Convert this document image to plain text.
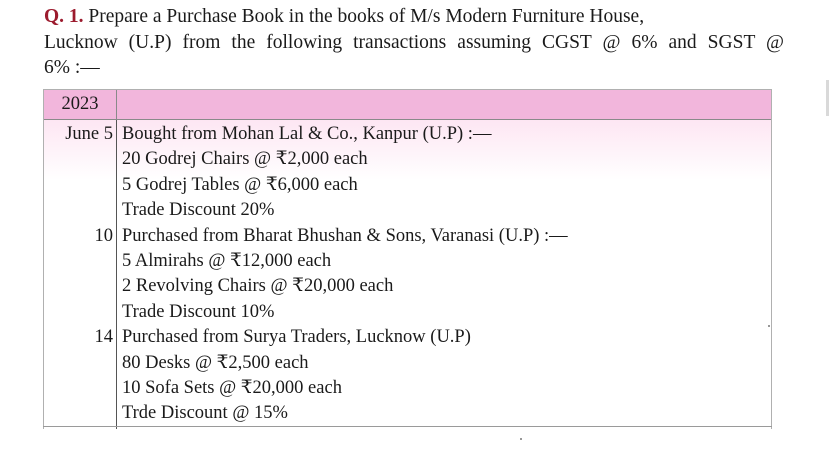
Q. 1. Prepare a Purchase Book in the books of M/s Modern Furniture House,
Lucknow (U.P) from the following transactions assuming CGST @ 6% and SGST @
6% :—
2023
June 5
10
14
Bought from Mohan Lal & Co., Kanpur (U.P) :—
20 Godrej Chairs @ ₹2,000 each
5 Godrej Tables @ ₹6,000 each
Trade Discount 20%
Purchased from Bharat Bhushan & Sons, Varanasi (U.P) :—
5 Almirahs @ ₹12,000 each
2 Revolving Chairs @ ₹20,000 each
Trade Discount 10%
Purchased from Surya Traders, Lucknow (U.P)
80 Desks @ ₹2,500 each
10 Sofa Sets @ ₹20,000 each
Trde Discount @ 15%
